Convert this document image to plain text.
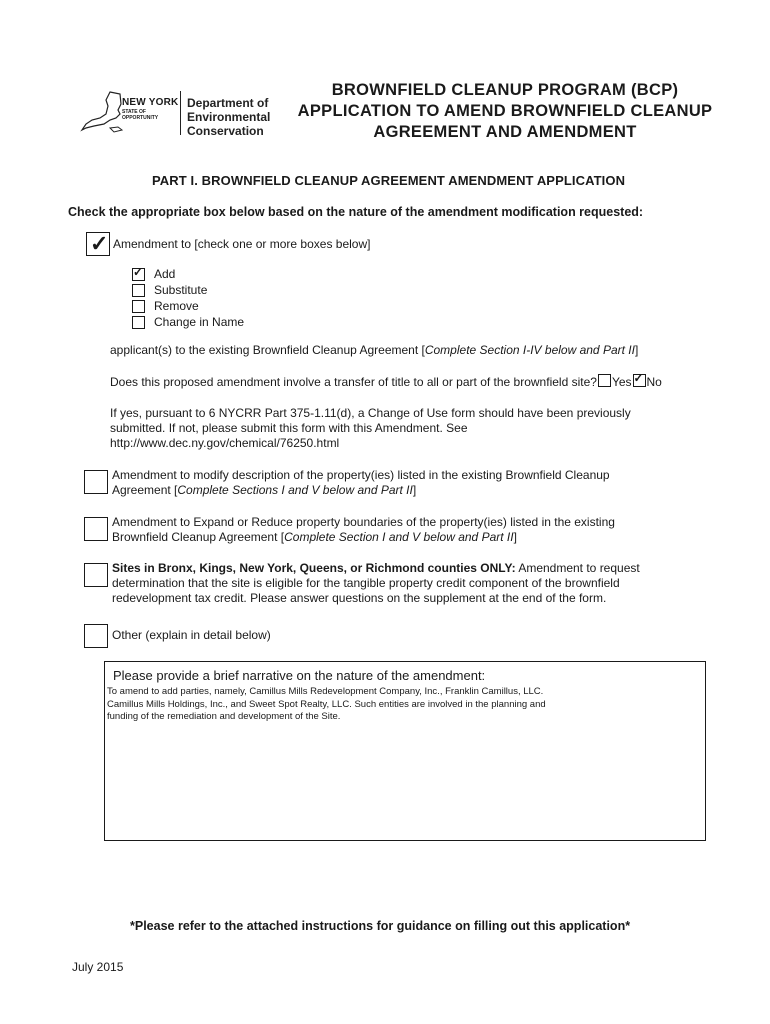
NEW YORK
STATE OF OPPORTUNITY
Department of
Environmental
Conservation
BROWNFIELD CLEANUP PROGRAM (BCP)
APPLICATION TO AMEND BROWNFIELD CLEANUP
AGREEMENT AND AMENDMENT
PART I. BROWNFIELD CLEANUP AGREEMENT AMENDMENT APPLICATION
Check the appropriate box below based on the nature of the amendment modification requested:
✓ Amendment to [check one or more boxes below]
✓ Add
Substitute
Remove
Change in Name
applicant(s) to the existing Brownfield Cleanup Agreement [Complete Section I-IV below and Part II]
Does this proposed amendment involve a transfer of title to all or part of the brownfield site? Yes ✓ No
If yes, pursuant to 6 NYCRR Part 375-1.11(d), a Change of Use form should have been previously
submitted. If not, please submit this form with this Amendment. See
http://www.dec.ny.gov/chemical/76250.html
Amendment to modify description of the property(ies) listed in the existing Brownfield Cleanup
Agreement [Complete Sections I and V below and Part II]
Amendment to Expand or Reduce property boundaries of the property(ies) listed in the existing
Brownfield Cleanup Agreement [Complete Section I and V below and Part II]
Sites in Bronx, Kings, New York, Queens, or Richmond counties ONLY: Amendment to request
determination that the site is eligible for the tangible property credit component of the brownfield
redevelopment tax credit. Please answer questions on the supplement at the end of the form.
Other (explain in detail below)
Please provide a brief narrative on the nature of the amendment:
To amend to add parties, namely, Camillus Mills Redevelopment Company, Inc., Franklin Camillus, LLC.
Camillus Mills Holdings, Inc., and Sweet Spot Realty, LLC. Such entities are involved in the planning and
funding of the remediation and development of the Site.
*Please refer to the attached instructions for guidance on filling out this application*
July 2015
